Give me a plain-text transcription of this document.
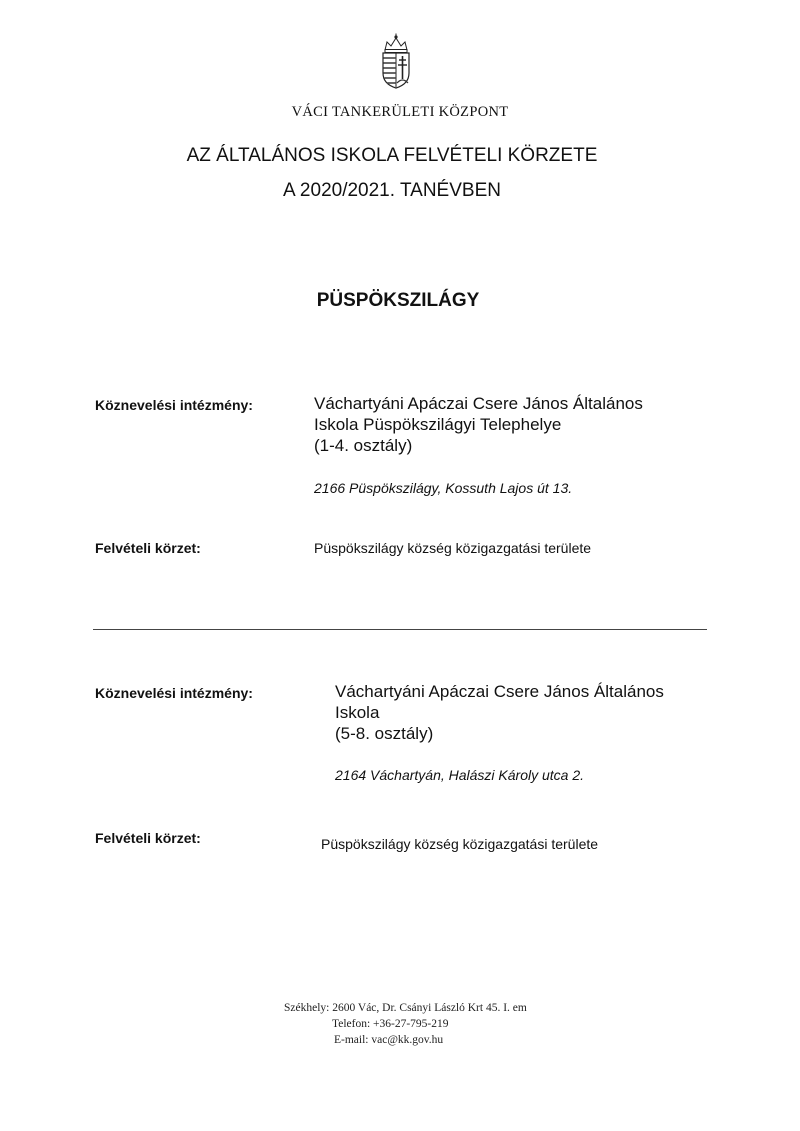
VÁCI TANKERÜLETI KÖZPONT
AZ ÁLTALÁNOS ISKOLA FELVÉTELI KÖRZETE
A 2020/2021. TANÉVBEN
PÜSPÖKSZILÁGY
Köznevelési intézmény:	Váchartyáni Apáczai Csere János Általános
Iskola Püspökszilágyi Telephelye
(1-4. osztály)
2166 Püspökszilágy, Kossuth Lajos út 13.
Felvételi körzet:	Püspökszilágy község közigazgatási területe
Köznevelési intézmény:	Váchartyáni Apáczai Csere János Általános
Iskola
(5-8. osztály)
2164 Váchartyán, Halászi Károly utca 2.
Felvételi körzet:	Püspökszilágy község közigazgatási területe
Székhely: 2600 Vác, Dr. Csányi László Krt 45. I. em
Telefon: +36-27-795-219
E-mail: vac@kk.gov.hu
